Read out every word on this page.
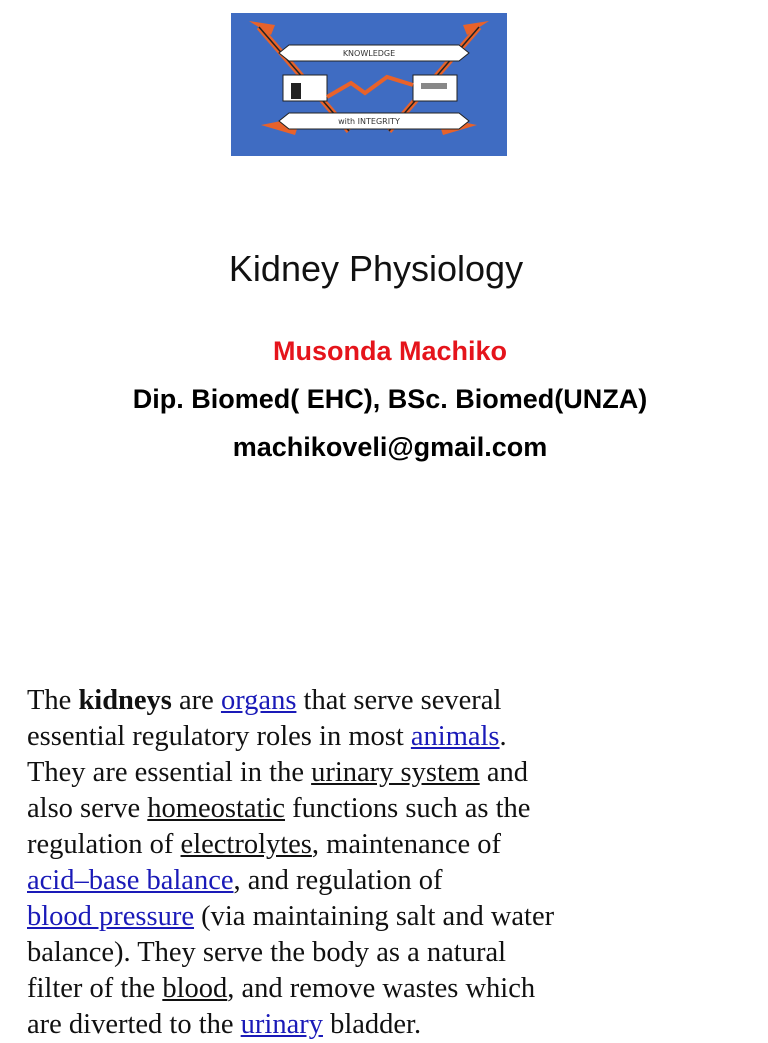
KNOWLEDGE
with INTEGRITY
Kidney Physiology
Musonda Machiko
Dip. Biomed( EHC), BSc. Biomed(UNZA)
machikoveli@gmail.com
The kidneys are organs that serve several
essential regulatory roles in most animals.
They are essential in the urinary system and
also serve homeostatic functions such as the
regulation of electrolytes, maintenance of
acid–base balance, and regulation of
blood pressure (via maintaining salt and water
balance). They serve the body as a natural
filter of the blood, and remove wastes which
are diverted to the urinary bladder.
